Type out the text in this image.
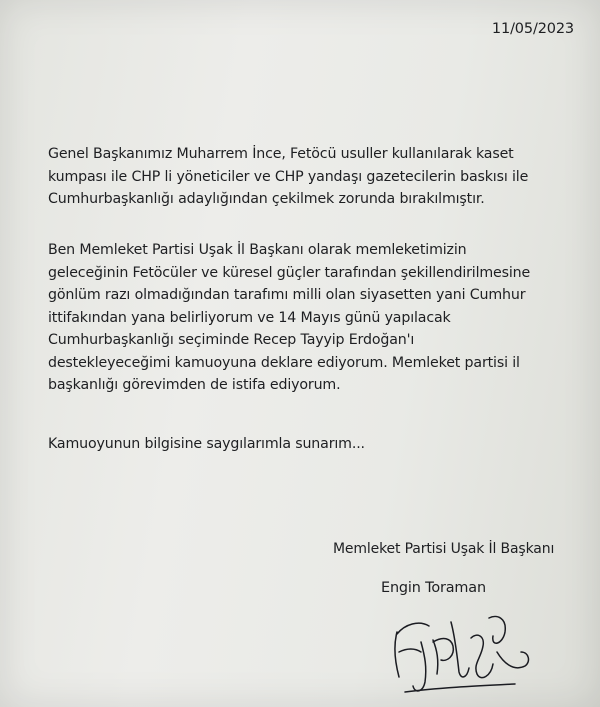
11/05/2023

Genel Başkanımız Muharrem İnce, Fetöcü usuller kullanılarak kaset
kumpası ile CHP li yöneticiler ve CHP yandaşı gazetecilerin baskısı ile
Cumhurbaşkanlığı adaylığından çekilmek zorunda bırakılmıştır.
Ben Memleket Partisi Uşak İl Başkanı olarak memleketimizin
geleceğinin Fetöcüler ve küresel güçler tarafından şekillendirilmesine
gönlüm razı olmadığından tarafımı milli olan siyasetten yani Cumhur
ittifakından yana belirliyorum ve 14 Mayıs günü yapılacak
Cumhurbaşkanlığı seçiminde Recep Tayyip Erdoğan'ı
destekleyeceğimi kamuoyuna deklare ediyorum. Memleket partisi il
başkanlığı görevimden de istifa ediyorum.
Kamuoyunun bilgisine saygılarımla sunarım...

Memleket Partisi Uşak İl Başkanı

Engin Toraman
